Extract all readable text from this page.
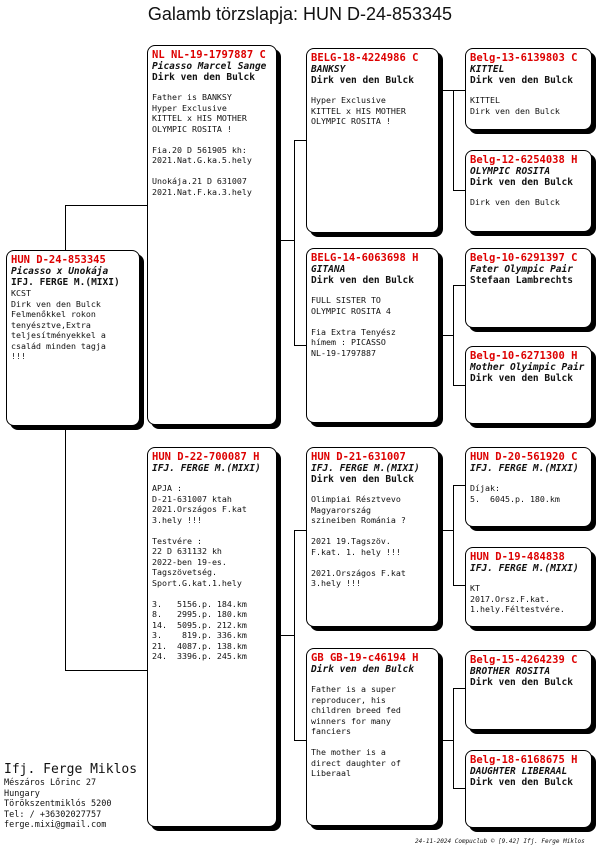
Galamb törzslapja: HUN D-24-853345
HUN D-24-853345
Picasso x Unokája
IFJ. FERGE M.(MIXI)
KCST
Dirk ven den Bulck
Felmenőkkel rokon
tenyésztve,Extra
teljesítményekkel a
család minden tagja
!!!
NL NL-19-1797887 C
Picasso Marcel Sange
Dirk ven den Bulck
Father is BANKSY
Hyper Exclusive
KITTEL x HIS MOTHER
OLYMPIC ROSITA !

Fia.20 D 561905 kh:
2021.Nat.G.ka.5.hely

Unokája.21 D 631007
2021.Nat.F.ka.3.hely
HUN D-22-700087 H
IFJ. FERGE M.(MIXI)
APJA :
D-21-631007 ktah
2021.Országos F.kat
3.hely !!!

Testvére :
22 D 631132 kh
2022-ben 19-es.
Tagszövetség.
Sport.G.kat.1.hely

3.   5156.p. 184.km
8.   2995.p. 180.km
14.  5095.p. 212.km
3.    819.p. 336.km
21.  4087.p. 138.km
24.  3396.p. 245.km
BELG-18-4224986 C
BANKSY
Dirk ven den Bulck
Hyper Exclusive
KITTEL x HIS MOTHER
OLYMPIC ROSITA !
BELG-14-6063698 H
GITANA
Dirk ven den Bulck
FULL SISTER TO
OLYMPIC ROSITA 4

Fia Extra Tenyész
hímem : PICASSO
NL-19-1797887
HUN D-21-631007
IFJ. FERGE M.(MIXI)
Dirk ven den Bulck
Olimpiai Résztvevo
Magyarország
szineiben Románia ?

2021 19.Tagszöv.
F.kat. 1. hely !!!

2021.Országos F.kat
3.hely !!!
GB GB-19-c46194 H
Dirk ven den Bulck
Father is a super
reproducer, his
children breed fed
winners for many
fanciers

The mother is a
direct daughter of
Liberaal
Belg-13-6139803 C
KITTEL
Dirk ven den Bulck
KITTEL
Dirk ven den Bulck
Belg-12-6254038 H
OLYMPIC ROSITA
Dirk ven den Bulck
Dirk ven den Bulck
Belg-10-6291397 C
Fater Olympic Pair
Stefaan Lambrechts
Belg-10-6271300 H
Mother Olyimpic Pair
Dirk ven den Bulck
HUN D-20-561920 C
IFJ. FERGE M.(MIXI)
Díjak:
5.  6045.p. 180.km
HUN D-19-484838
IFJ. FERGE M.(MIXI)
KT
2017.Orsz.F.kat.
1.hely.Féltestvére.
Belg-15-4264239 C
BROTHER ROSITA
Dirk ven den Bulck
Belg-18-6168675 H
DAUGHTER LIBERAAL
Dirk ven den Bulck
Ifj. Ferge Miklos
Mészáros Lőrinc 27
Hungary
Törökszentmiklós 5200
Tel: / +36302027757
ferge.mixi@gmail.com
24-11-2024 Compuclub © [9.42] Ifj. Ferge Miklos
